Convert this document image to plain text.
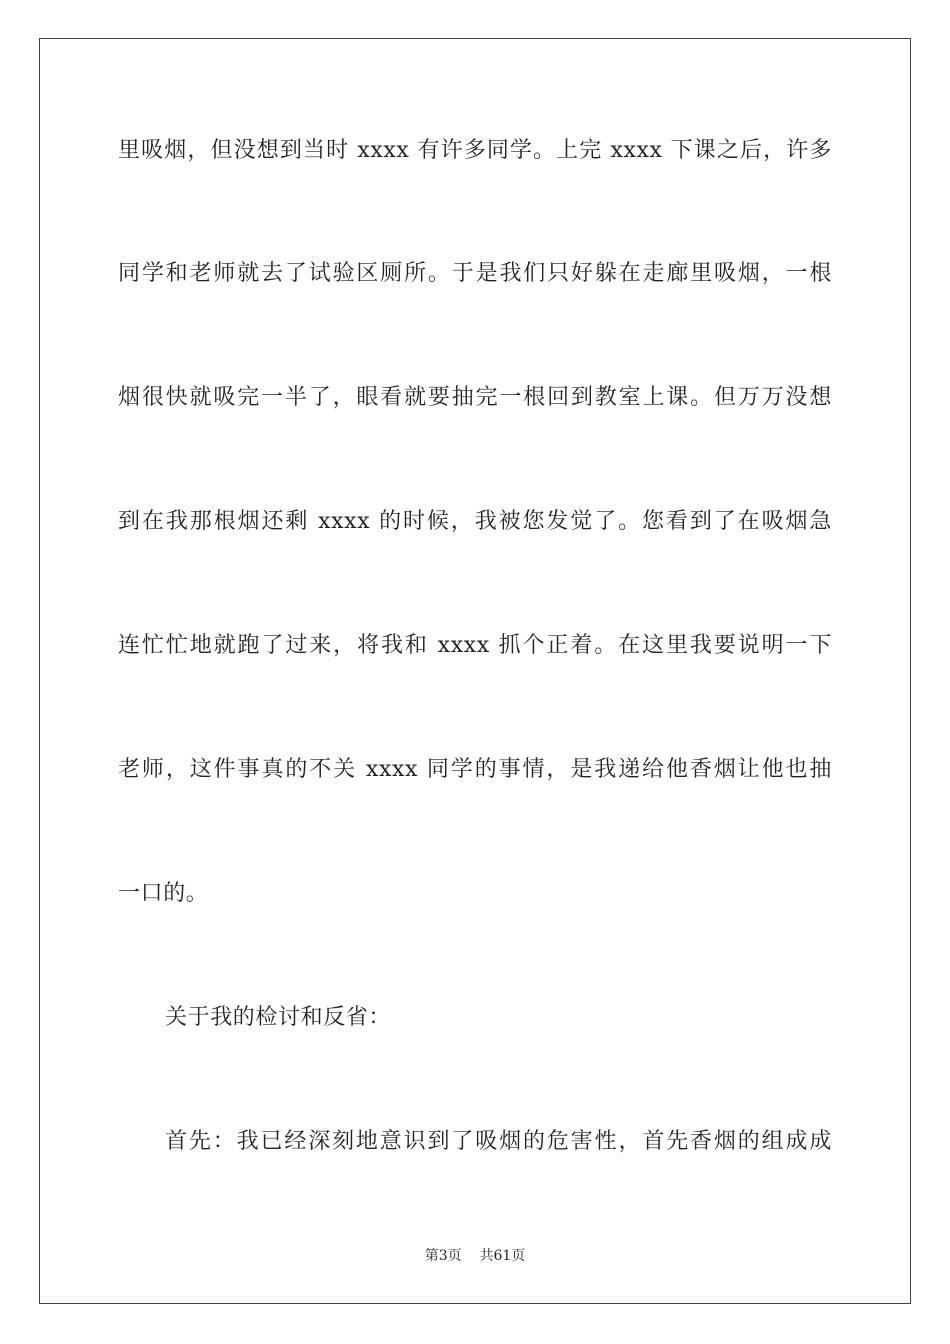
里吸烟，但没想到当时 xxxx 有许多同学。上完 xxxx 下课之后，许多
同学和老师就去了试验区厕所。于是我们只好躲在走廊里吸烟，一根
烟很快就吸完一半了，眼看就要抽完一根回到教室上课。但万万没想
到在我那根烟还剩 xxxx 的时候，我被您发觉了。您看到了在吸烟急
连忙忙地就跑了过来，将我和 xxxx 抓个正着。在这里我要说明一下
老师，这件事真的不关 xxxx 同学的事情，是我递给他香烟让他也抽
一口的。
关于我的检讨和反省：
首先：我已经深刻地意识到了吸烟的危害性，首先香烟的组成成
第3页 共61页
